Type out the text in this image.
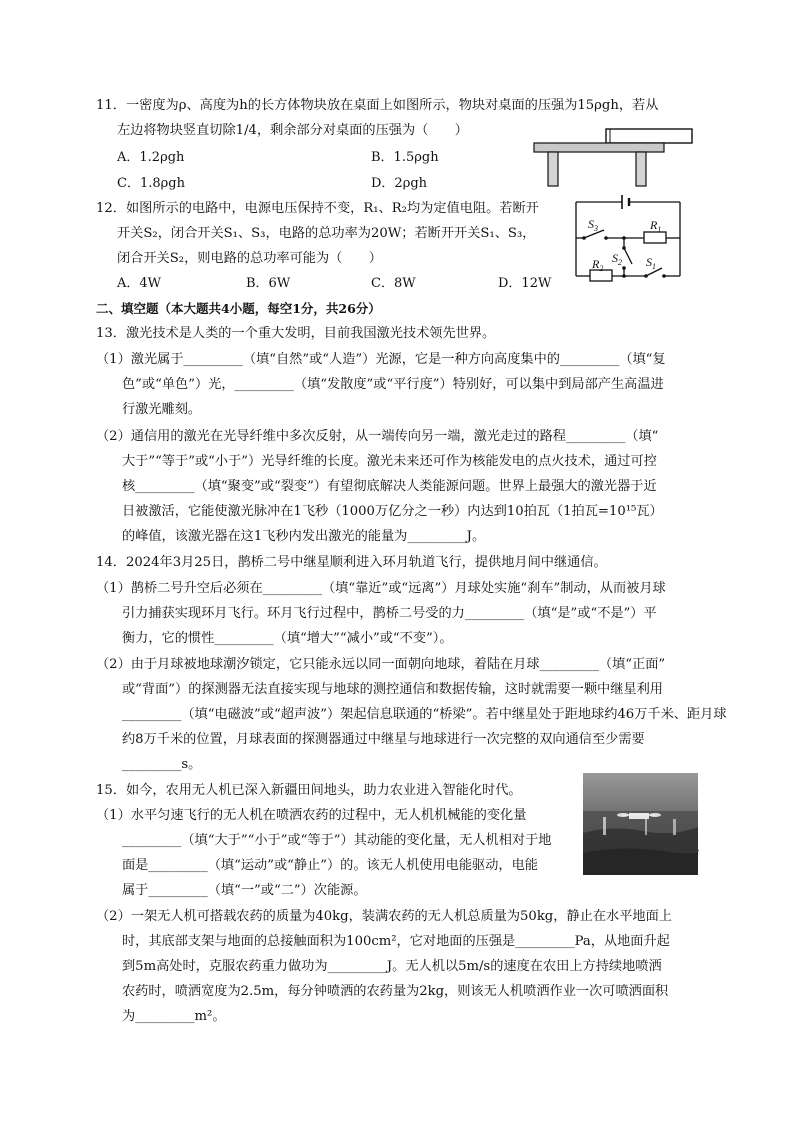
11．一密度为ρ、高度为h的长方体物块放在桌面上如图所示，物块对桌面的压强为15ρgh，若从
左边将物块竖直切除1/4，剩余部分对桌面的压强为（　　）
A．1.2ρgh	B．1.5ρgh
C．1.8ρgh	D．2ρgh
12．如图所示的电路中，电源电压保持不变，R₁、R₂均为定值电阻。若断开
开关S₂，闭合开关S₁、S₃，电路的总功率为20W；若断开开关S₁、S₃，
闭合开关S₂，则电路的总功率可能为（　　）
A．4W	B．6W	C．8W	D．12W
$S_3$	$R_1$
$S_2$
$R_2$	$S_1$
二、填空题（本大题共4小题，每空1分，共26分）
13．激光技术是人类的一个重大发明，目前我国激光技术领先世界。
（1）激光属于_________（填“自然”或“人造”）光源，它是一种方向高度集中的_________（填“复
色”或“单色”）光，_________（填“发散度”或“平行度”）特别好，可以集中到局部产生高温进
行激光雕刻。
（2）通信用的激光在光导纤维中多次反射，从一端传向另一端，激光走过的路程_________（填“
大于”“等于”或“小于”）光导纤维的长度。激光未来还可作为核能发电的点火技术，通过可控
核_________（填“聚变”或“裂变”）有望彻底解决人类能源问题。世界上最强大的激光器于近
日被激活，它能使激光脉冲在1飞秒（1000万亿分之一秒）内达到10拍瓦（1拍瓦=10¹⁵瓦）
的峰值，该激光器在这1飞秒内发出激光的能量为_________J。
14．2024年3月25日，鹊桥二号中继星顺利进入环月轨道飞行，提供地月间中继通信。
（1）鹊桥二号升空后必须在_________（填“靠近”或“远离”）月球处实施“刹车”制动，从而被月球
引力捕获实现环月飞行。环月飞行过程中，鹊桥二号受的力_________（填“是”或“不是”）平
衡力，它的惯性_________（填“增大”“减小”或“不变”）。
（2）由于月球被地球潮汐锁定，它只能永远以同一面朝向地球，着陆在月球_________（填“正面”
或“背面”）的探测器无法直接实现与地球的测控通信和数据传输，这时就需要一颗中继星利用
_________（填“电磁波”或“超声波”）架起信息联通的“桥梁”。若中继星处于距地球约46万千米、距月球
约8万千米的位置，月球表面的探测器通过中继星与地球进行一次完整的双向通信至少需要
_________s。
15．如今，农用无人机已深入新疆田间地头，助力农业进入智能化时代。
（1）水平匀速飞行的无人机在喷洒农药的过程中，无人机机械能的变化量
_________（填“大于”“小于”或“等于”）其动能的变化量，无人机相对于地
面是_________（填“运动”或“静止”）的。该无人机使用电能驱动，电能
属于_________（填“一”或“二”）次能源。
（2）一架无人机可搭载农药的质量为40kg，装满农药的无人机总质量为50kg，静止在水平地面上
时，其底部支架与地面的总接触面积为100cm²，它对地面的压强是_________Pa，从地面升起
到5m高处时，克服农药重力做功为_________J。无人机以5m/s的速度在农田上方持续地喷洒
农药时，喷洒宽度为2.5m，每分钟喷洒的农药量为2kg，则该无人机喷洒作业一次可喷洒面积
为_________m²。
